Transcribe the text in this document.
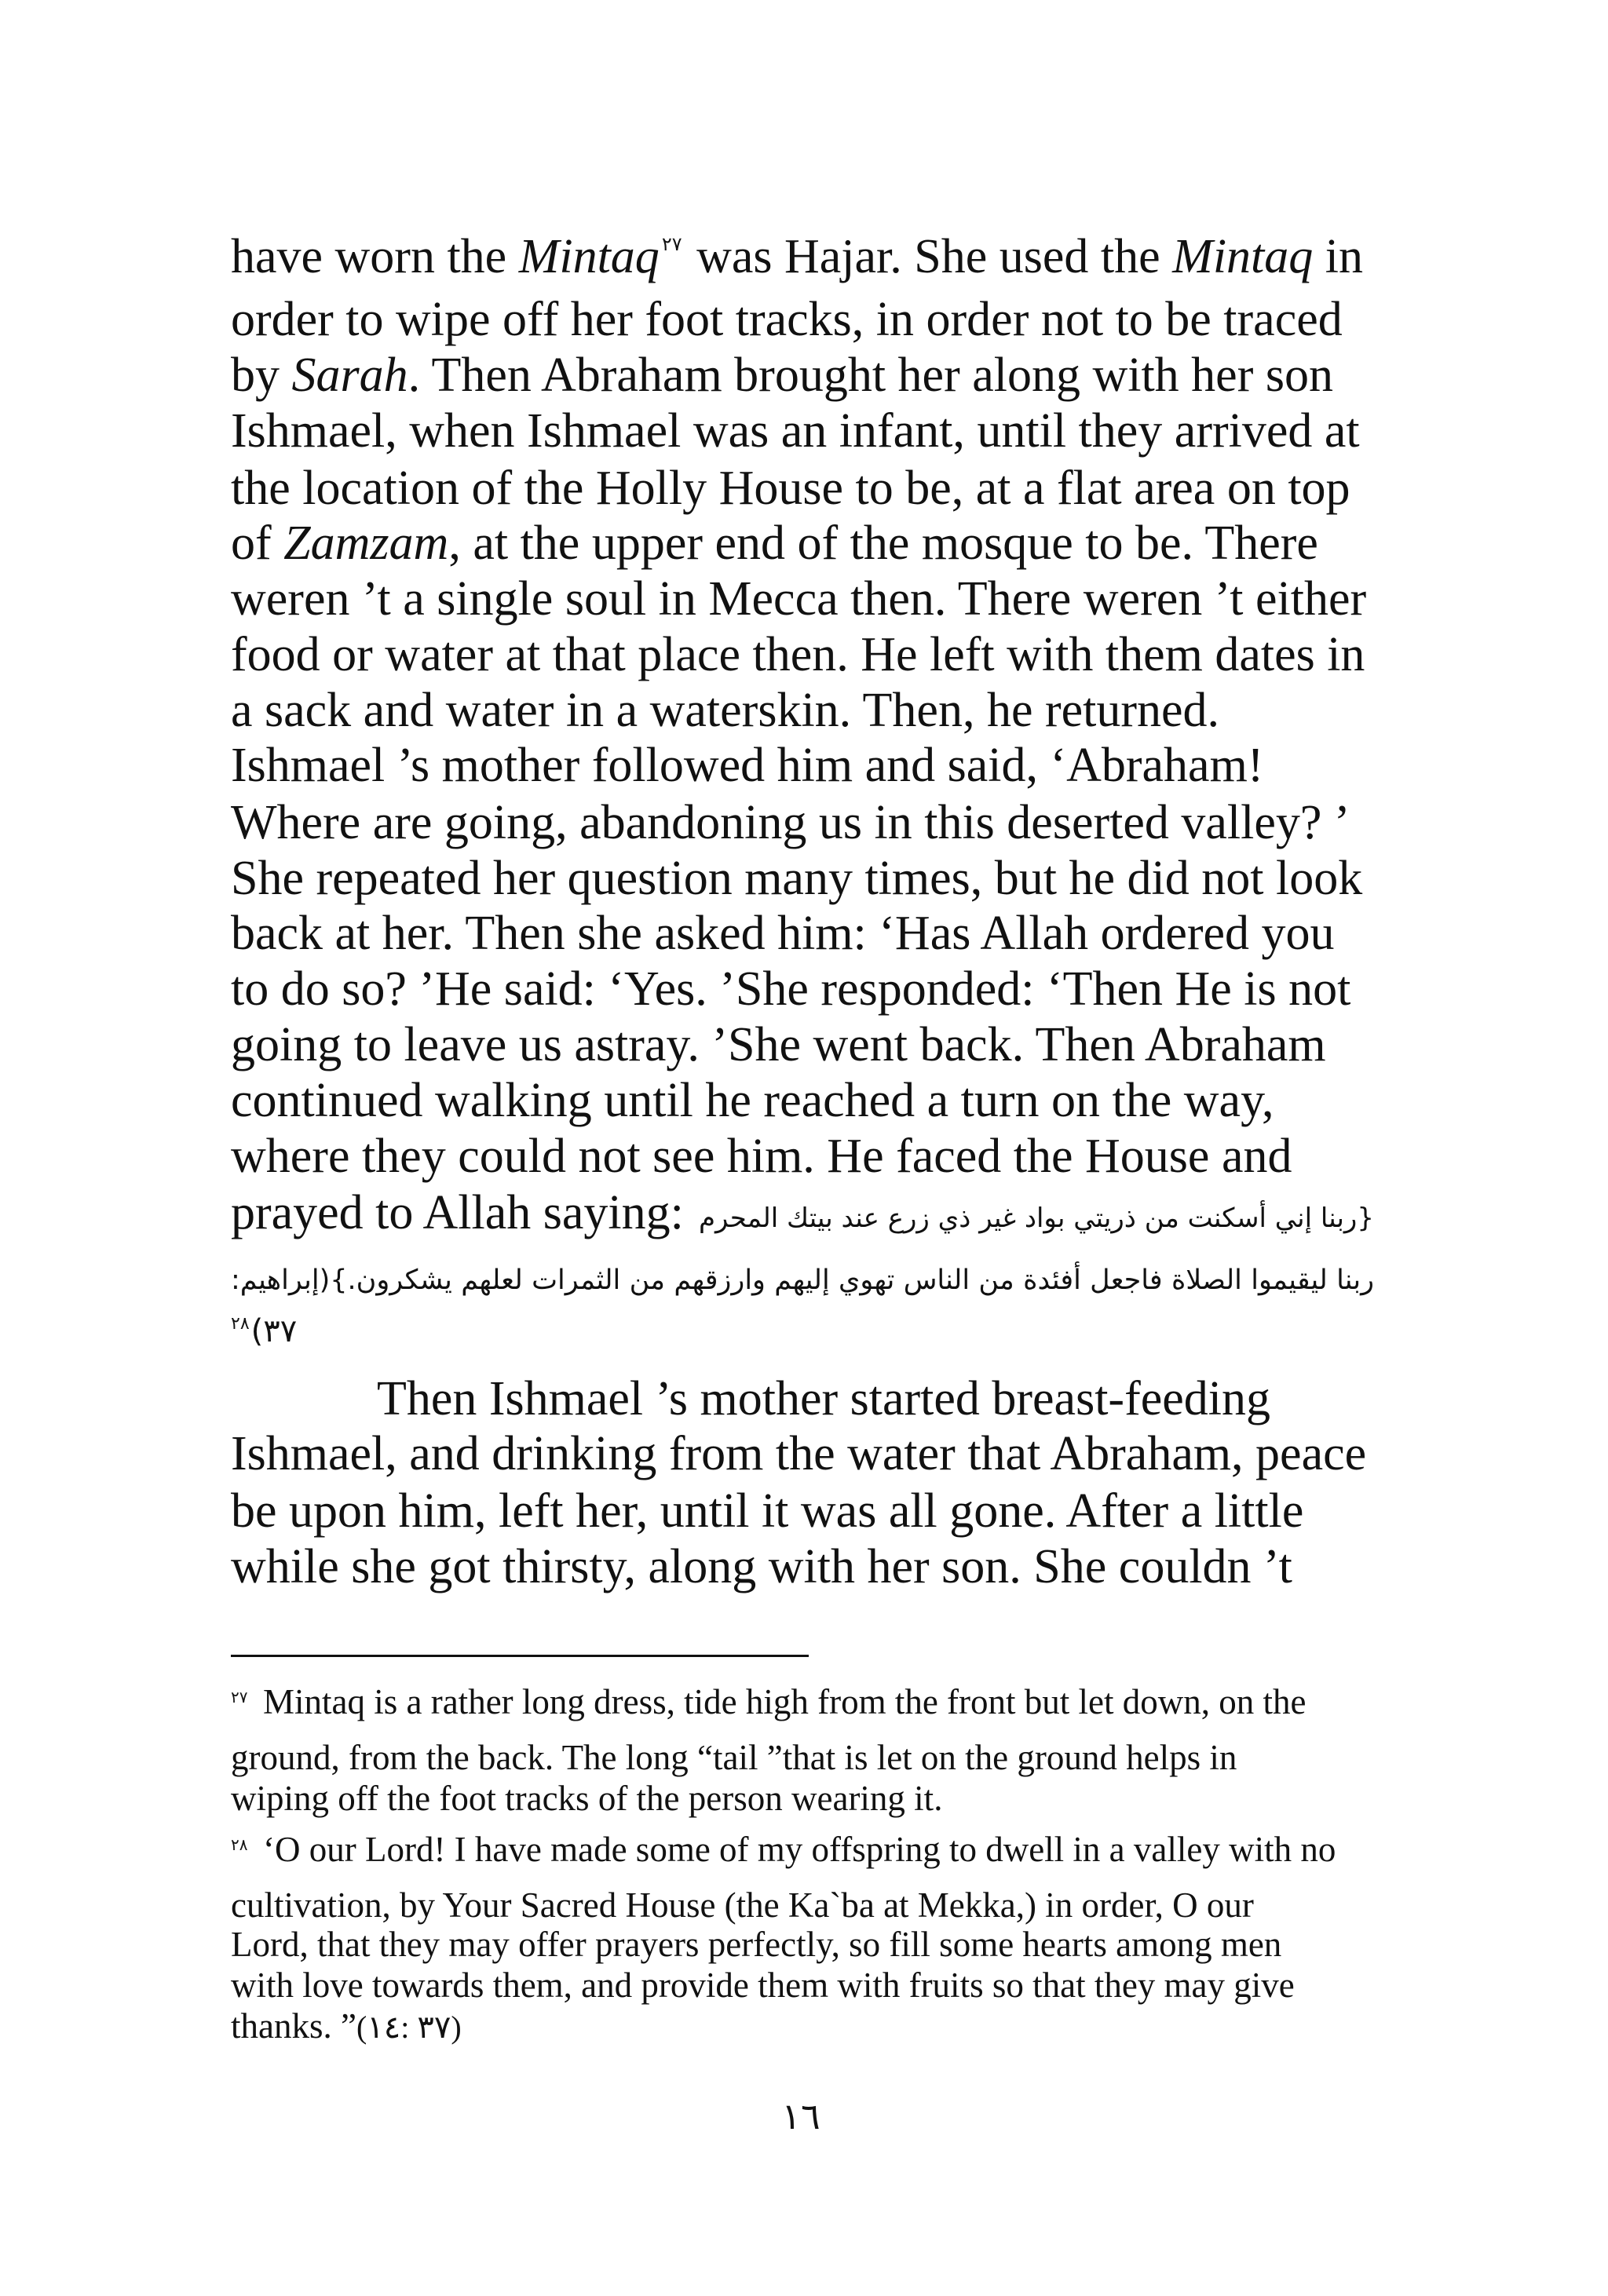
have worn the Mintaq $^{٢٧}$ was Hajar. She used the Mintaq in
order to wipe off her foot tracks, in order not to be traced
by Sarah. Then Abraham brought her along with her son
Ishmael, when Ishmael was an infant, until they arrived at
the location of the Holly House to be, at a flat area on top
of Zamzam, at the upper end of the mosque to be. There
weren ’t a single soul in Mecca then. There weren ’t either
food or water at that place then. He left with them dates in
a sack and water in a waterskin. Then, he returned.
Ishmael ’s mother followed him and said, ‘Abraham!
Where are going, abandoning us in this deserted valley? ’
She repeated her question many times, but he did not look
back at her. Then she asked him: ‘Has Allah ordered you
to do so? ’He said: ‘Yes. ’She responded: ‘Then He is not
going to leave us astray. ’She went back. Then Abraham
continued walking until he reached a turn on the way,
where they could not see him. He faced the House and
prayed to Allah saying: {ربنا إني أسكنت من ذريتي بواد غير ذي زرع عند بيتك المحرم
ربنا ليقيموا الصلاة فاجعل أفئدة من الناس تهوي إليهم وارزقهم من الثمرات لعلهم يشكرون.}(إبراهيم:
$^{٢٨}$(٣٧
Then Ishmael ’s mother started breast-feeding
Ishmael, and drinking from the water that Abraham, peace
be upon him, left her, until it was all gone. After a little
while she got thirsty, along with her son. She couldn ’t
٢٧ Mintaq is a rather long dress, tide high from the front but let down, on the
ground, from the back. The long “tail ”that is let on the ground helps in
wiping off the foot tracks of the person wearing it.
٢٨ ‘O our Lord! I have made some of my offspring to dwell in a valley with no
cultivation, by Your Sacred House (the Ka`ba at Mekka,) in order, O our
Lord, that they may offer prayers perfectly, so fill some hearts among men
with love towards them, and provide them with fruits so that they may give
thanks. ”(١٤: ٣٧)
١٦
